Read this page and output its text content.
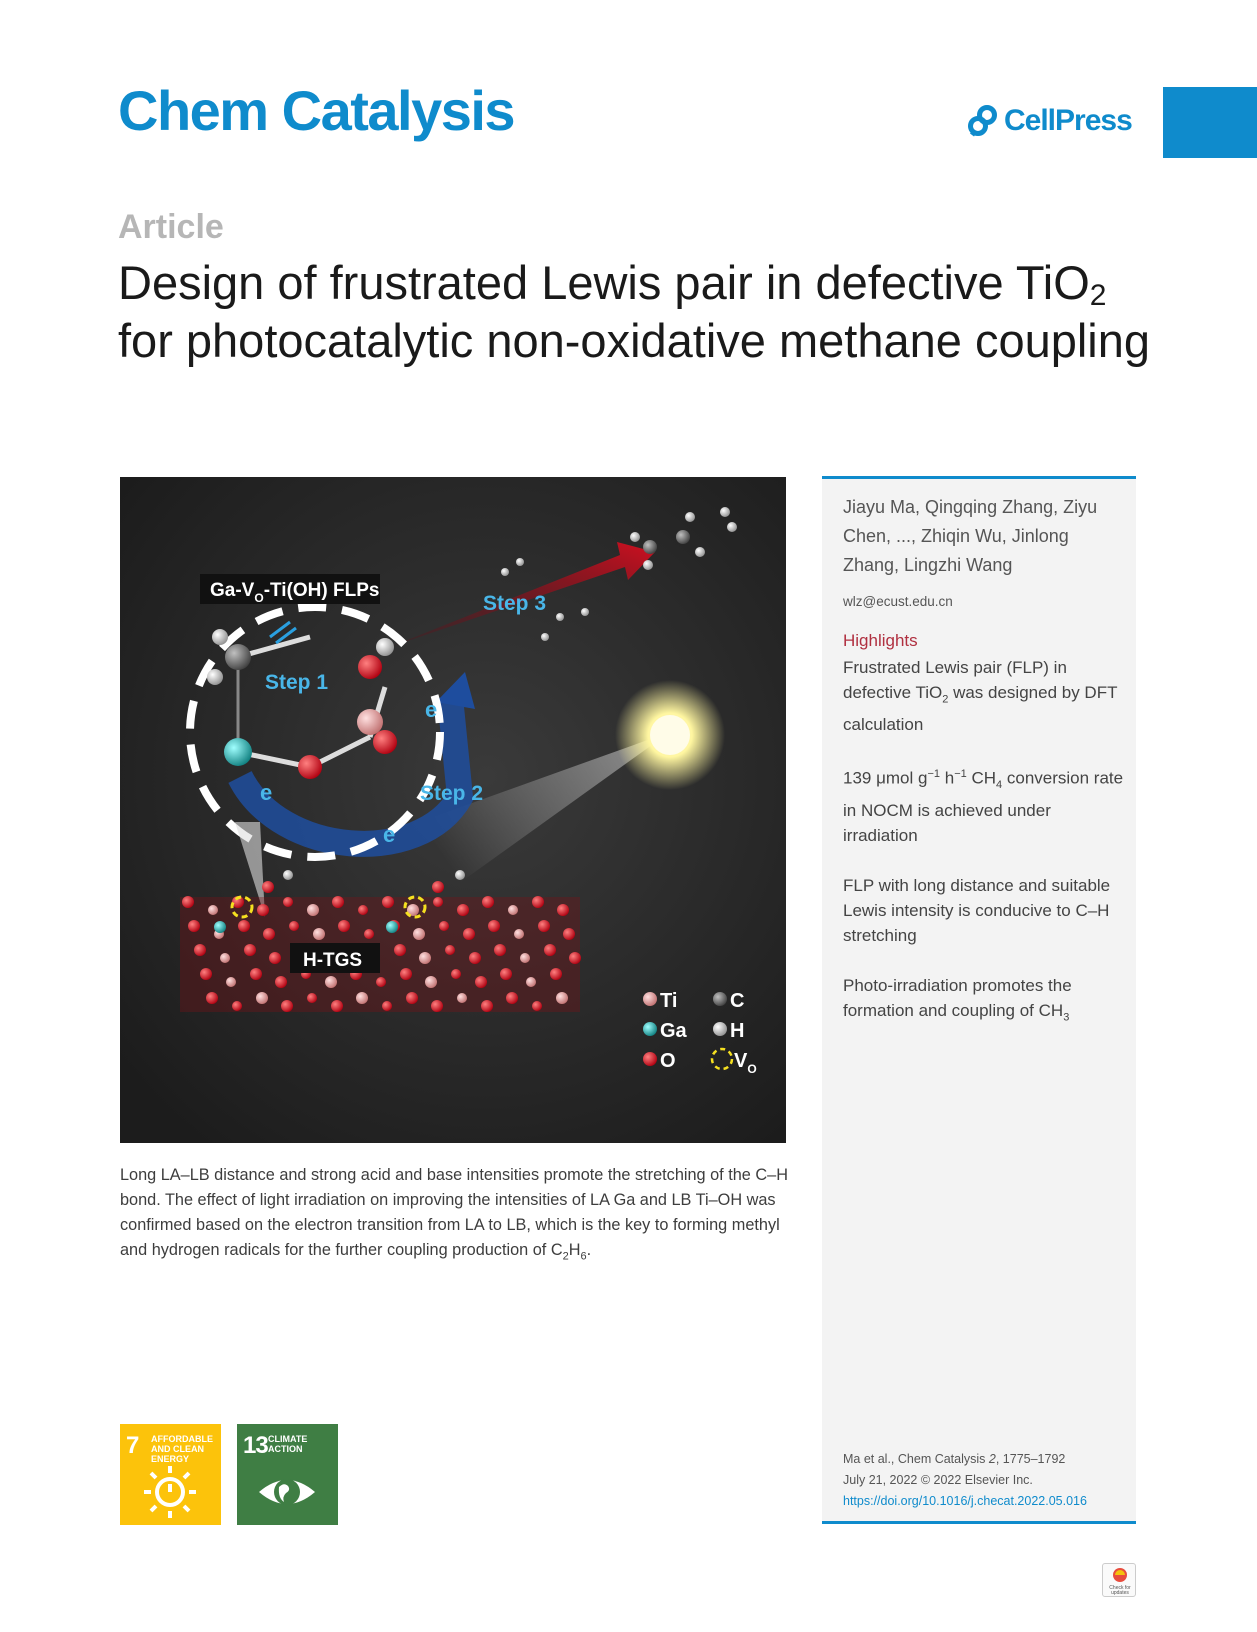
Chem Catalysis	CellPress
Article
Design of frustrated Lewis pair in defective TiO$_2$ for photocatalytic non-oxidative methane coupling
$Ga-V_O-Ti(OH)$ FLPs
Step 1
Step 2
Step 3
e
e
e
H-TGS
Ti
Ga
O
C
H
$V_O$

Long LA–LB distance and strong acid and base intensities promote the stretching of the C–H bond. The effect of light irradiation on improving the intensities of LA Ga and LB Ti–OH was confirmed based on the electron transition from LA to LB, which is the key to forming methyl and hydrogen radicals for the further coupling production of $C_2H_6$.

Jiayu Ma, Qingqing Zhang, Ziyu Chen, ..., Zhiqin Wu, Jinlong Zhang, Lingzhi Wang
wlz@ecust.edu.cn
Highlights
Frustrated Lewis pair (FLP) in defective TiO$_2$ was designed by DFT calculation
139 μmol $g^{-1}$ $h^{-1}$ $CH_4$ conversion rate in NOCM is achieved under irradiation
FLP with long distance and suitable Lewis intensity is conducive to C–H stretching
Photo-irradiation promotes the formation and coupling of $CH_3$
Ma et al., Chem Catalysis 2, 1775–1792
July 21, 2022 © 2022 Elsevier Inc.
https://doi.org/10.1016/j.checat.2022.05.016
7 AFFORDABLE AND CLEAN ENERGY	13 CLIMATE ACTION
Check for updates
